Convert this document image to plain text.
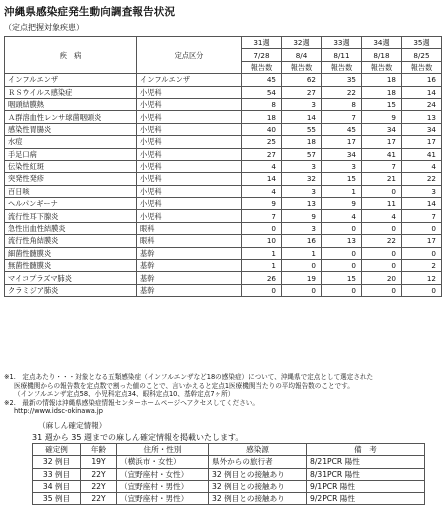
沖縄県感染症発生動向調査報告状況
（定点把握対象疾患）
疾　病	定点区分	31週	32週	33週	34週	35週
		7/28	8/4	8/11	8/18	8/25
		報告数	報告数	報告数	報告数	報告数
インフルエンザ	インフルエンザ	45	62	35	18	16
ＲＳウイルス感染症	小児科	54	27	22	18	14
咽頭結膜熱	小児科	8	3	8	15	24
Ａ群溶血性レンサ球菌咽頭炎	小児科	18	14	7	9	13
感染性胃腸炎	小児科	40	55	45	34	34
水痘	小児科	25	18	17	17	17
手足口病	小児科	27	57	34	41	41
伝染性紅斑	小児科	4	3	3	7	4
突発性発疹	小児科	14	32	15	21	22
百日咳	小児科	4	3	1	0	3
ヘルパンギーナ	小児科	9	13	9	11	14
流行性耳下腺炎	小児科	7	9	4	4	7
急性出血性結膜炎	眼科	0	3	0	0	0
流行性角結膜炎	眼科	10	16	13	22	17
細菌性髄膜炎	基幹	1	1	0	0	0
無菌性髄膜炎	基幹	1	0	0	0	2
マイコプラズマ肺炎	基幹	26	19	15	20	12
クラミジア肺炎	基幹	0	0	0	0	0
※1.　定点あたり・・・対象となる五類感染症（インフルエンザなど18の感染症）について、沖縄県で定点として選定された
医療機関からの報告数を定点数で割った値のことで、言いかえると定点1医療機関当たりの平均報告数のことです。
（インフルエンザ定点58、小児科定点34、眼科定点10、基幹定点7ヶ所）
※2.　最新の情報は沖縄県感染症情報センターホームページへアクセスしてください。
http://www.idsc-okinawa.jp
（麻しん確定情報）
31 週から 35 週までの麻しん確定情報を掲載いたします。
確定例	年齢	住所・性別	感染源	備　考
32 例目	19Y	（横浜市・女性）	県外からの旅行者	8/21PCR 陽性
33 例目	22Y	（宜野座村・女性）	32 例目との接触あり	8/31PCR 陽性
34 例目	22Y	（宜野座村・男性）	32 例目との接触あり	9/1PCR 陽性
35 例目	22Y	（宜野座村・男性）	32 例目との接触あり	9/2PCR 陽性
